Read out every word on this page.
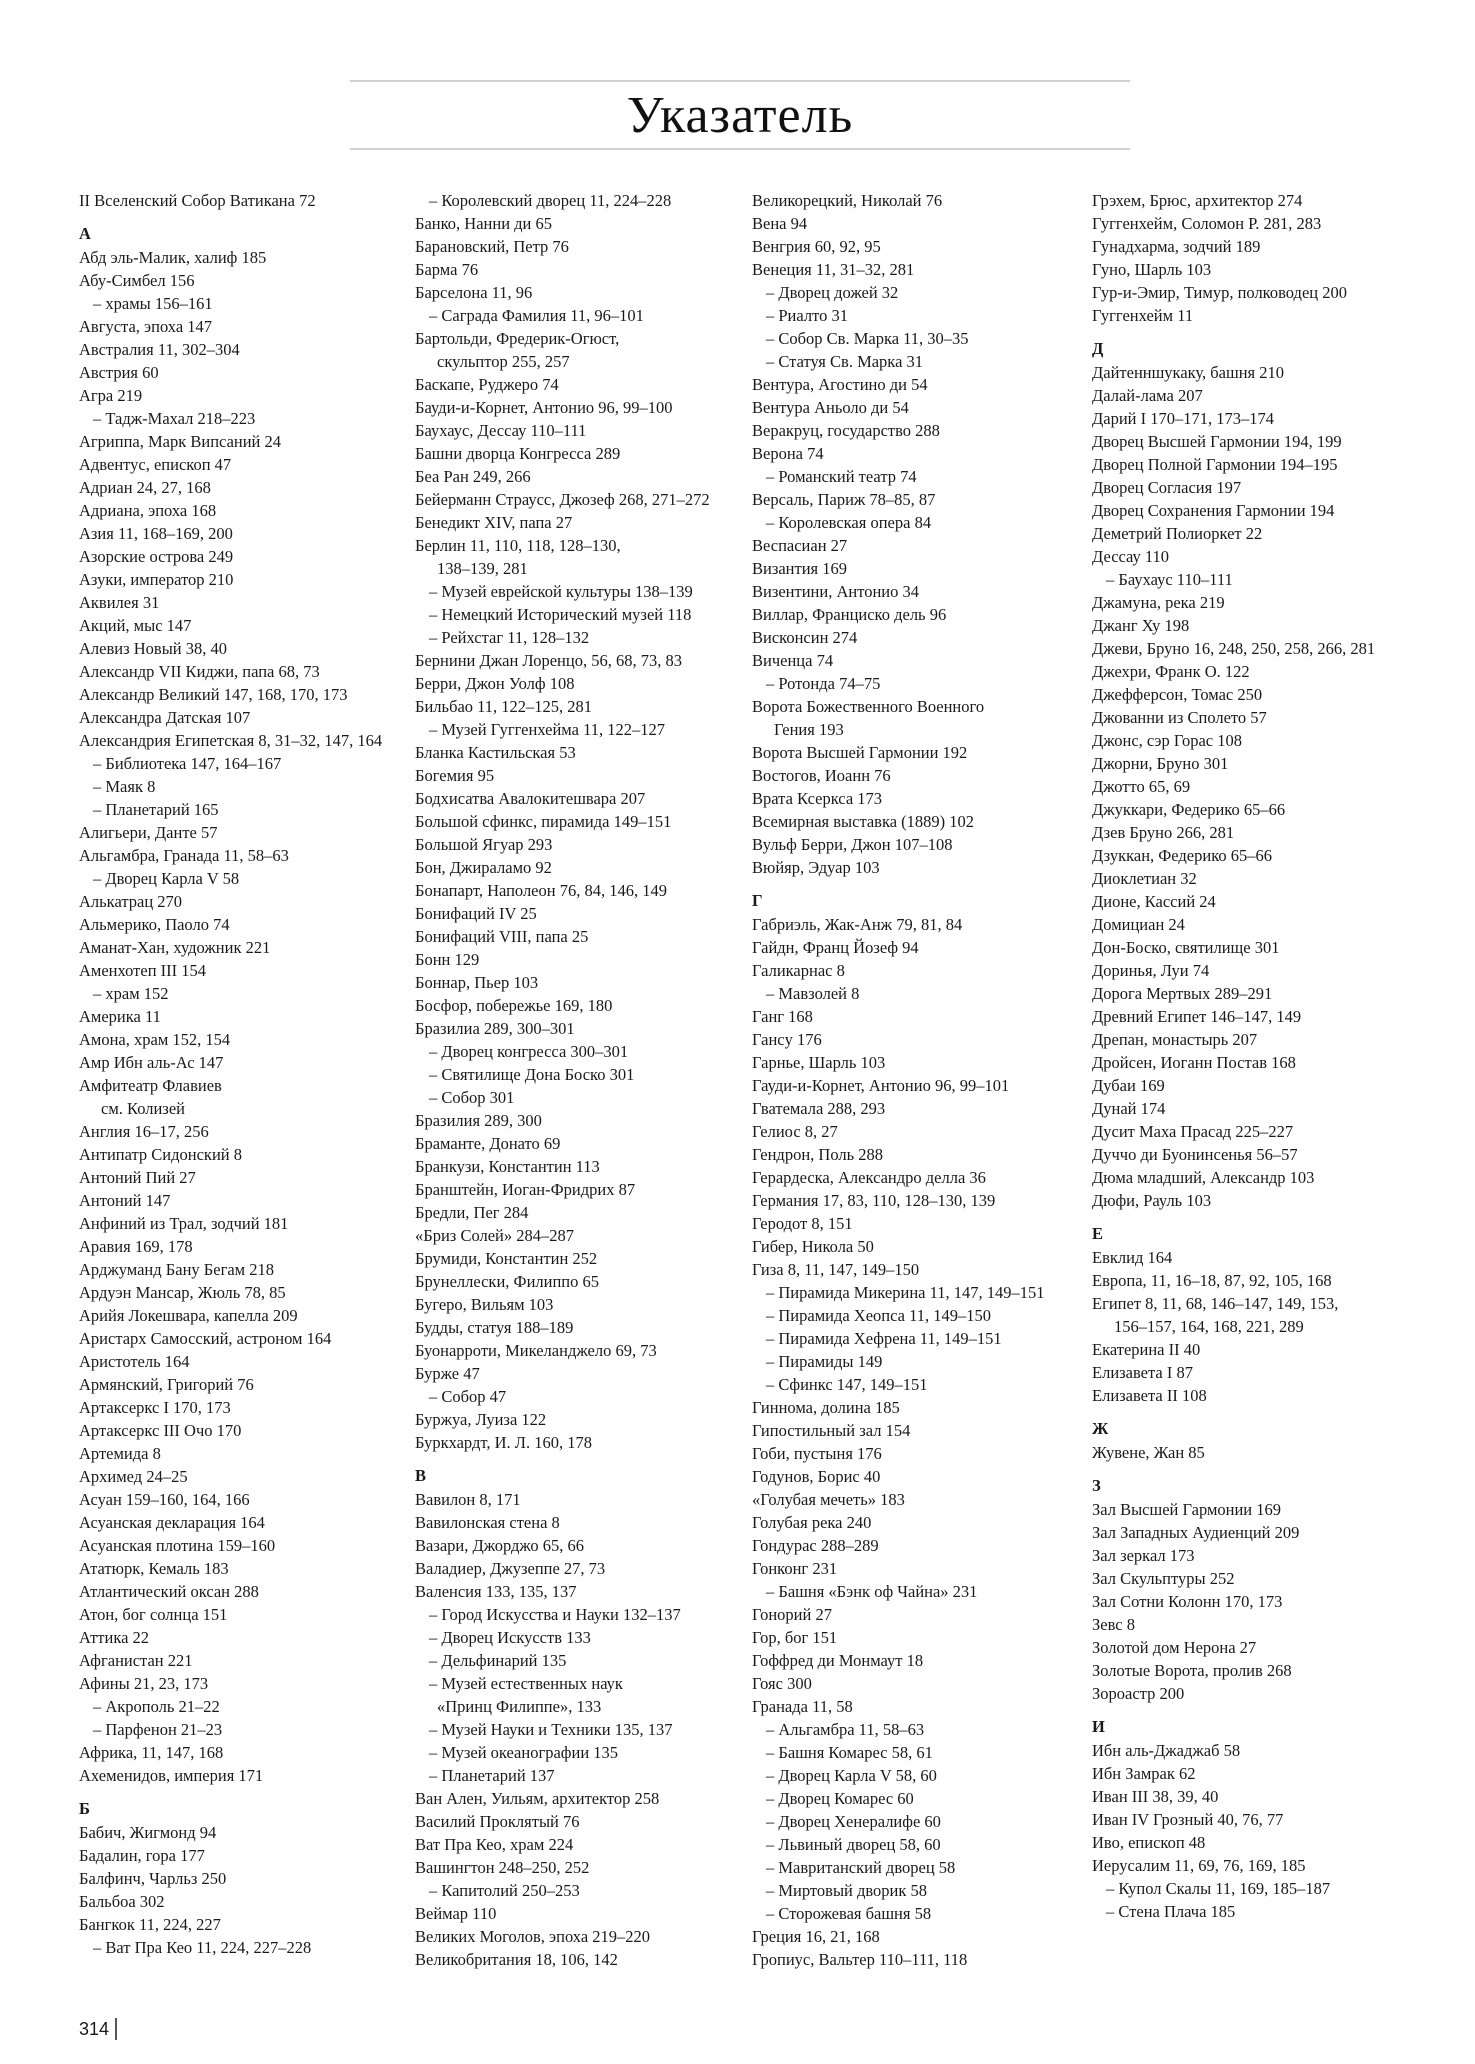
Указатель
II Вселенский Собор Ватикана 72
А
Абд эль-Малик, халиф 185
Абу-Симбел 156
– храмы 156–161
Августа, эпоха 147
Австралия 11, 302–304
Австрия 60
Агра 219
– Тадж-Махал 218–223
Агриппа, Марк Випсаний 24
Адвентус, епископ 47
Адриан 24, 27, 168
Адриана, эпоха 168
Азия 11, 168–169, 200
Азорские острова 249
Азуки, император 210
Аквилея 31
Акций, мыс 147
Алевиз Новый 38, 40
Александр VII Киджи, папа 68, 73
Александр Великий 147, 168, 170, 173
Александра Датская 107
Александрия Египетская 8, 31–32, 147, 164
– Библиотека 147, 164–167
– Маяк 8
– Планетарий 165
Алигьери, Данте 57
Альгамбра, Гранада 11, 58–63
– Дворец Карла V 58
Алькатрац 270
Альмерико, Паоло 74
Аманат-Хан, художник 221
Аменхотеп III 154
– храм 152
Америка 11
Амона, храм 152, 154
Амр Ибн аль-Ас 147
Амфитеатр Флавиев
см. Колизей
Англия 16–17, 256
Антипатр Сидонский 8
Антоний Пий 27
Антоний 147
Анфиний из Трал, зодчий 181
Аравия 169, 178
Арджуманд Бану Бегам 218
Ардуэн Мансар, Жюль 78, 85
Арийя Локешвара, капелла 209
Аристарх Самосский, астроном 164
Аристотель 164
Армянский, Григорий 76
Артаксеркс I 170, 173
Артаксеркс III Очо 170
Артемида 8
Архимед 24–25
Асуан 159–160, 164, 166
Асуанская декларация 164
Асуанская плотина 159–160
Ататюрк, Кемаль 183
Атлантический оксан 288
Атон, бог солнца 151
Аттика 22
Афганистан 221
Афины 21, 23, 173
– Акрополь 21–22
– Парфенон 21–23
Африка, 11, 147, 168
Ахеменидов, империя 171
Б
Бабич, Жигмонд 94
Бадалин, гора 177
Балфинч, Чарльз 250
Бальбоа 302
Бангкок 11, 224, 227
– Ват Пра Кео 11, 224, 227–228
– Королевский дворец 11, 224–228
Банко, Нанни ди 65
Барановский, Петр 76
Барма 76
Барселона 11, 96
– Саграда Фамилия 11, 96–101
Бартольди, Фредерик-Огюст,
скульптор 255, 257
Баскапе, Руджеро 74
Бауди-и-Корнет, Антонио 96, 99–100
Баухаус, Дессау 110–111
Башни дворца Конгресса 289
Беа Ран 249, 266
Бейерманн Страусс, Джозеф 268, 271–272
Бенедикт XIV, папа 27
Берлин 11, 110, 118, 128–130,
138–139, 281
– Музей еврейской культуры 138–139
– Немецкий Исторический музей 118
– Рейхстаг 11, 128–132
Бернини Джан Лоренцо, 56, 68, 73, 83
Берри, Джон Уолф 108
Бильбао 11, 122–125, 281
– Музей Гуггенхейма 11, 122–127
Бланка Кастильская 53
Богемия 95
Бодхисатва Авалокитешвара 207
Большой сфинкс, пирамида 149–151
Большой Ягуар 293
Бон, Джираламо 92
Бонапарт, Наполеон 76, 84, 146, 149
Бонифаций IV 25
Бонифаций VIII, папа 25
Бонн 129
Боннар, Пьер 103
Босфор, побережье 169, 180
Бразилиа 289, 300–301
– Дворец конгресса 300–301
– Святилище Дона Боско 301
– Собор 301
Бразилия 289, 300
Браманте, Донато 69
Бранкузи, Константин 113
Бранштейн, Иоган-Фридрих 87
Бредли, Пег 284
«Бриз Солей» 284–287
Брумиди, Константин 252
Брунеллески, Филиппо 65
Бугеро, Вильям 103
Будды, статуя 188–189
Буонарроти, Микеланджело 69, 73
Бурже 47
– Собор 47
Буржуа, Луиза 122
Буркхардт, И. Л. 160, 178
В
Вавилон 8, 171
Вавилонская стена 8
Вазари, Джорджо 65, 66
Валадиер, Джузеппе 27, 73
Валенсия 133, 135, 137
– Город Искусства и Науки 132–137
– Дворец Искусств 133
– Дельфинарий 135
– Музей естественных наук
«Принц Филиппе», 133
– Музей Науки и Техники 135, 137
– Музей океанографии 135
– Планетарий 137
Ван Ален, Уильям, архитектор 258
Василий Проклятый 76
Ват Пра Кео, храм 224
Вашингтон 248–250, 252
– Капитолий 250–253
Веймар 110
Великих Моголов, эпоха 219–220
Великобритания 18, 106, 142
Великорецкий, Николай 76
Вена 94
Венгрия 60, 92, 95
Венеция 11, 31–32, 281
– Дворец дожей 32
– Риалто 31
– Собор Св. Марка 11, 30–35
– Статуя Св. Марка 31
Вентура, Агостино ди 54
Вентура Аньоло ди 54
Веракруц, государство 288
Верона 74
– Романский театр 74
Версаль, Париж 78–85, 87
– Королевская опера 84
Веспасиан 27
Византия 169
Визентини, Антонио 34
Виллар, Франциско дель 96
Висконсин 274
Виченца 74
– Ротонда 74–75
Ворота Божественного Военного
Гения 193
Ворота Высшей Гармонии 192
Востогов, Иоанн 76
Врата Ксеркса 173
Всемирная выставка (1889) 102
Вульф Берри, Джон 107–108
Вюйяр, Эдуар 103
Г
Габриэль, Жак-Анж 79, 81, 84
Гайдн, Франц Йозеф 94
Галикарнас 8
– Мавзолей 8
Ганг 168
Ганcу 176
Гарнье, Шарль 103
Гауди-и-Корнет, Антонио 96, 99–101
Гватемала 288, 293
Гелиос 8, 27
Гендрон, Поль 288
Герардеска, Александро делла 36
Германия 17, 83, 110, 128–130, 139
Геродот 8, 151
Гибер, Никола 50
Гиза 8, 11, 147, 149–150
– Пирамида Микерина 11, 147, 149–151
– Пирамида Хеопса 11, 149–150
– Пирамида Хефрена 11, 149–151
– Пирамиды 149
– Сфинкс 147, 149–151
Гиннома, долина 185
Гипостильный зал 154
Гоби, пустыня 176
Годунов, Борис 40
«Голубая мечеть» 183
Голубая река 240
Гондурас 288–289
Гонконг 231
– Башня «Бэнк оф Чайна» 231
Гонорий 27
Гор, бог 151
Гоффред ди Монмаут 18
Гояс 300
Гранада 11, 58
– Альгамбра 11, 58–63
– Башня Комарес 58, 61
– Дворец Карла V 58, 60
– Дворец Комарес 60
– Дворец Хенералифе 60
– Львиный дворец 58, 60
– Мавританский дворец 58
– Миртовый дворик 58
– Сторожевая башня 58
Греция 16, 21, 168
Гропиус, Вальтер 110–111, 118
Грэхем, Брюс, архитектор 274
Гуггенхейм, Соломон Р. 281, 283
Гунадхарма, зодчий 189
Гуно, Шарль 103
Гур-и-Эмир, Тимур, полководец 200
Гуггенхейм 11
Д
Дайтенншукаку, башня 210
Далай-лама 207
Дарий I 170–171, 173–174
Дворец Высшей Гармонии 194, 199
Дворец Полной Гармонии 194–195
Дворец Согласия 197
Дворец Сохранения Гармонии 194
Деметрий Полиоркет 22
Дессау 110
– Баухаус 110–111
Джамуна, река 219
Джанг Ху 198
Джеви, Бруно 16, 248, 250, 258, 266, 281
Джехри, Франк О. 122
Джефферсон, Томас 250
Джованни из Сполето 57
Джонс, сэр Горас 108
Джорни, Бруно 301
Джотто 65, 69
Джуккари, Федерико 65–66
Дзев Бруно 266, 281
Дзуккан, Федерико 65–66
Диоклетиан 32
Дионе, Кассий 24
Домициан 24
Дон-Боско, святилище 301
Доринья, Луи 74
Дорога Мертвых 289–291
Древний Египет 146–147, 149
Дрепан, монастырь 207
Дройсен, Иоганн Постав 168
Дубаи 169
Дунай 174
Дусит Маха Прасад 225–227
Дуччо ди Буонинсенья 56–57
Дюма младший, Александр 103
Дюфи, Рауль 103
Е
Евклид 164
Европа, 11, 16–18, 87, 92, 105, 168
Египет 8, 11, 68, 146–147, 149, 153,
156–157, 164, 168, 221, 289
Екатерина II 40
Елизавета I 87
Елизавета II 108
Ж
Жувене, Жан 85
З
Зал Высшей Гармонии 169
Зал Западных Аудиенций 209
Зал зеркал 173
Зал Скульптуры 252
Зал Сотни Колонн 170, 173
Зевс 8
Золотой дом Нерона 27
Золотые Ворота, пролив 268
Зороастр 200
И
Ибн аль-Джаджаб 58
Ибн Замрак 62
Иван III 38, 39, 40
Иван IV Грозный 40, 76, 77
Иво, епископ 48
Иерусалим 11, 69, 76, 169, 185
– Купол Скалы 11, 169, 185–187
– Стена Плача 185
314
